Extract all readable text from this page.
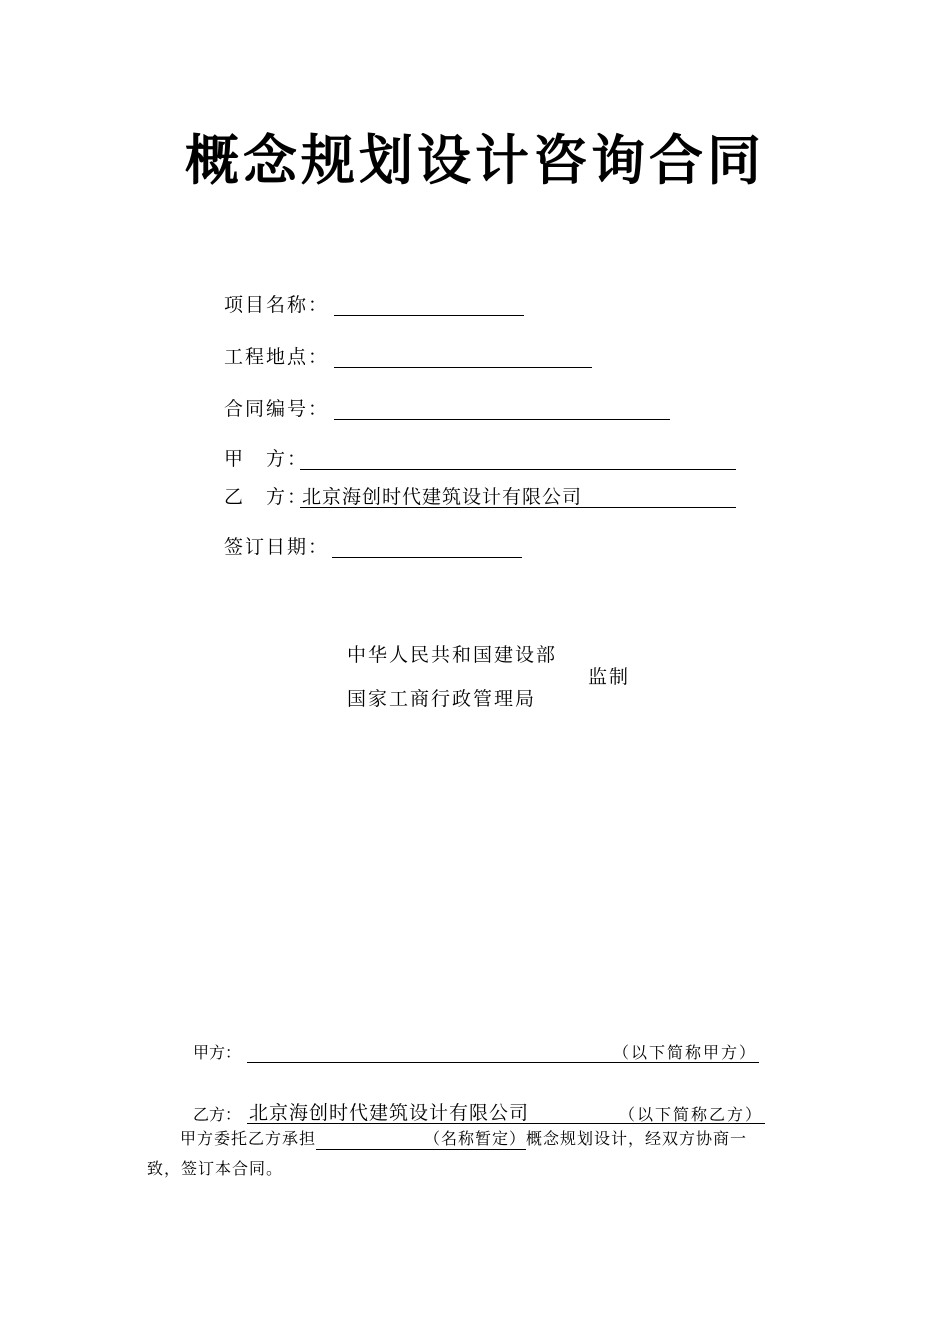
概念规划设计咨询合同
项目名称：
工程地点：
合同编号：
甲　方：
乙　方：
北京海创时代建筑设计有限公司
签订日期：
中华人民共和国建设部
国家工商行政管理局
监制
甲方：	（以下简称甲方）
乙方： 北京海创时代建筑设计有限公司	（以下简称乙方）
甲方委托乙方承担	（名称暂定）概念规划设计，经双方协商一
致，签订本合同。
